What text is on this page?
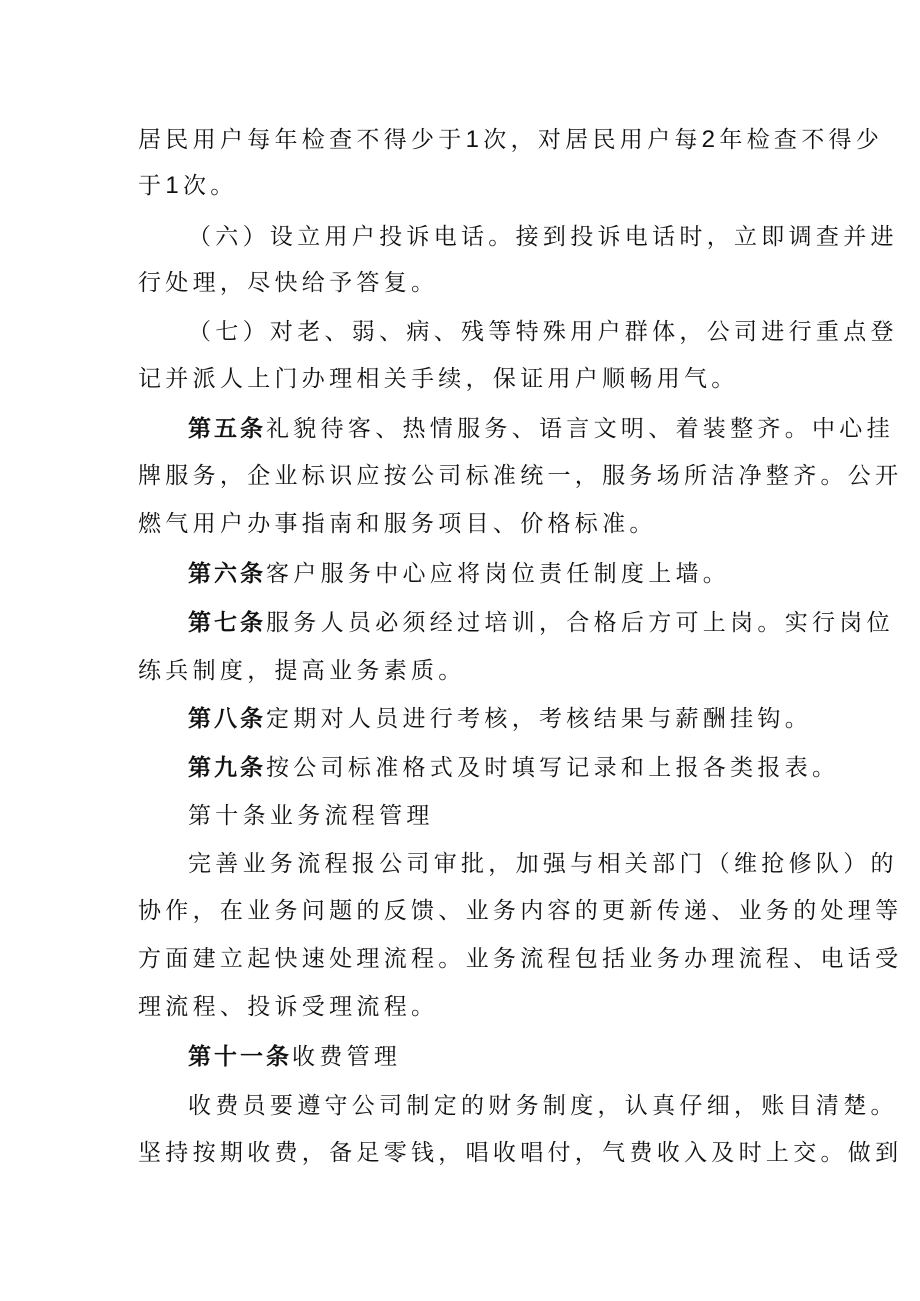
居民用户每年检查不得少于1次，对居民用户每2年检查不得少
于1次。
（六）设立用户投诉电话。接到投诉电话时，立即调查并进
行处理，尽快给予答复。
（七）对老、弱、病、残等特殊用户群体，公司进行重点登
记并派人上门办理相关手续，保证用户顺畅用气。
第五条礼貌待客、热情服务、语言文明、着装整齐。中心挂
牌服务，企业标识应按公司标准统一，服务场所洁净整齐。公开
燃气用户办事指南和服务项目、价格标准。
第六条客户服务中心应将岗位责任制度上墙。
第七条服务人员必须经过培训，合格后方可上岗。实行岗位
练兵制度，提高业务素质。
第八条定期对人员进行考核，考核结果与薪酬挂钩。
第九条按公司标准格式及时填写记录和上报各类报表。
第十条业务流程管理
完善业务流程报公司审批，加强与相关部门（维抢修队）的
协作，在业务问题的反馈、业务内容的更新传递、业务的处理等
方面建立起快速处理流程。业务流程包括业务办理流程、电话受
理流程、投诉受理流程。
第十一条收费管理
收费员要遵守公司制定的财务制度，认真仔细，账目清楚。
坚持按期收费，备足零钱，唱收唱付，气费收入及时上交。做到
